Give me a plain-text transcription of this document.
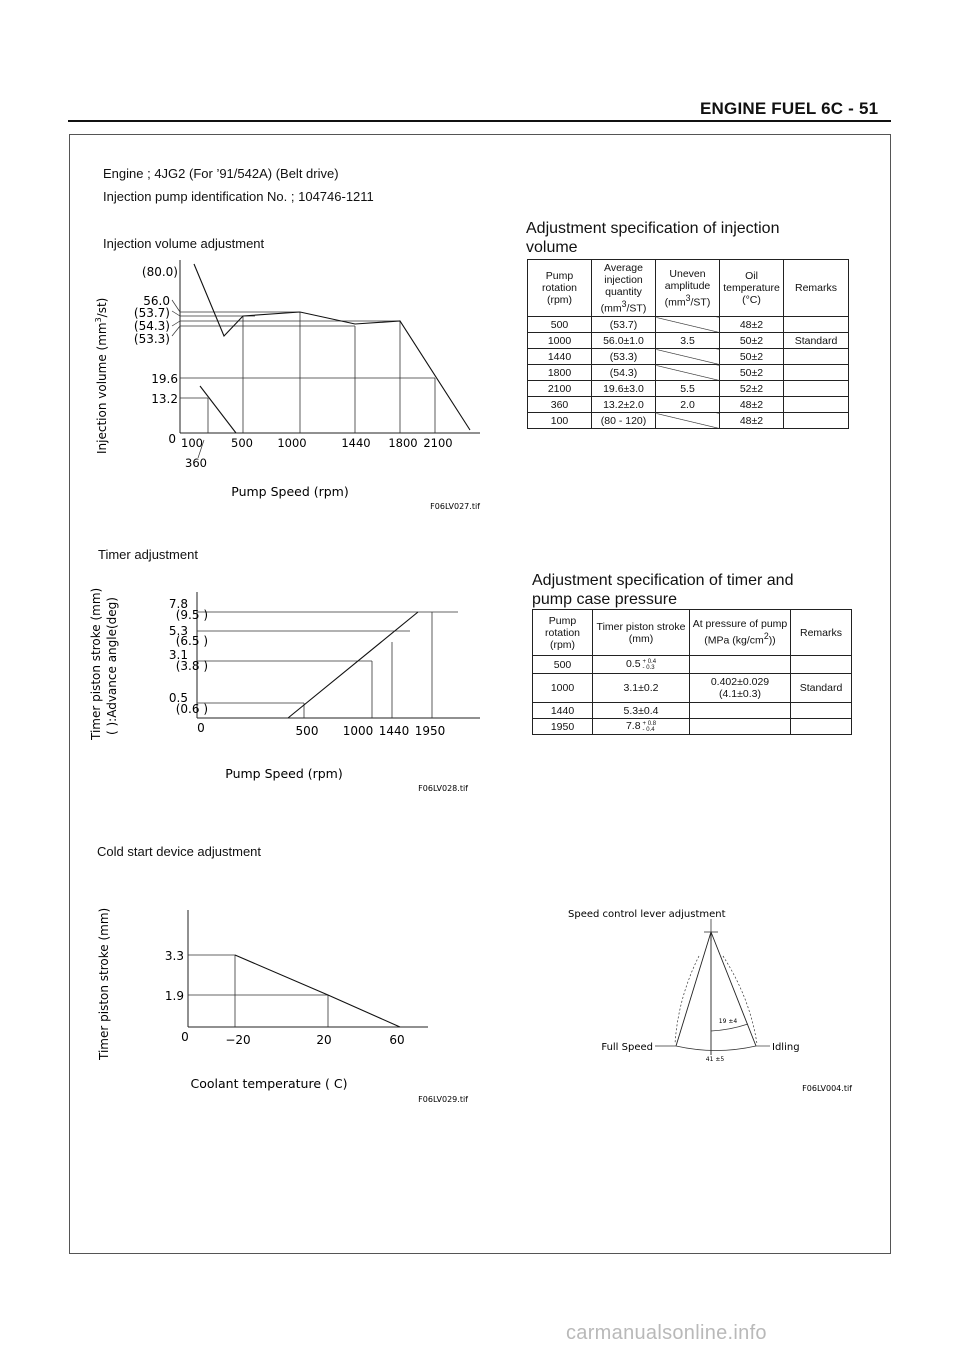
ENGINE FUEL 6C - 51
Engine ; 4JG2 (For ’91/542A) (Belt drive)
Injection pump identification No. ; 104746-1211
Injection volume adjustment
(80.0)
56.0
(53.7)
(54.3)
(53.3)
19.6
13.2
0 100
360
500 1000	1440 1800 2100
Pump Speed (rpm)
Injection volume $(mm^3/st)$
F06LV027.tif
Adjustment specification of injection volume
Pump rotation (rpm)	Average injection quantity $(mm^3/ST)$	Uneven amplitude $(mm^3/ST)$	Oil temperature (°C)	Remarks
500	(53.7)		48±2	
1000	56.0±1.0	3.5	50±2	Standard
1440	(53.3)		50±2	
1800	(54.3)		50±2	
2100	19.6±3.0	5.5	52±2	
360	13.2±2.0	2.0	48±2	
100	(80 - 120)		48±2	
Timer adjustment
7.8
(9.5 )
5.3
(6.5 )
3.1
(3.8 )
0.5
(0.6 )
0	500 1000 1440 1950
Pump Speed (rpm)
Timer piston stroke (mm) ( ):Advance angle(deg)
F06LV028.tif
Adjustment specification of timer and pump case pressure
Pump rotation (rpm)	Timer piston stroke (mm)	At pressure of pump (MPa $(kg/cm^2)$)	Remarks
500	0.5 + 0.4
- 0.3		
1000	3.1±0.2	0.402±0.029 (4.1±0.3)	Standard
1440	5.3±0.4		
1950	7.8 + 0.8
- 0.4		
Cold start device adjustment
3.3
1.9
0	−20	20	60
Coolant temperature ( C)
Timer piston stroke (mm)
F06LV029.tif
Speed control lever adjustment
Full Speed	Idling
19 ±4
41 ±5
F06LV004.tif
carmanualsonline.info
